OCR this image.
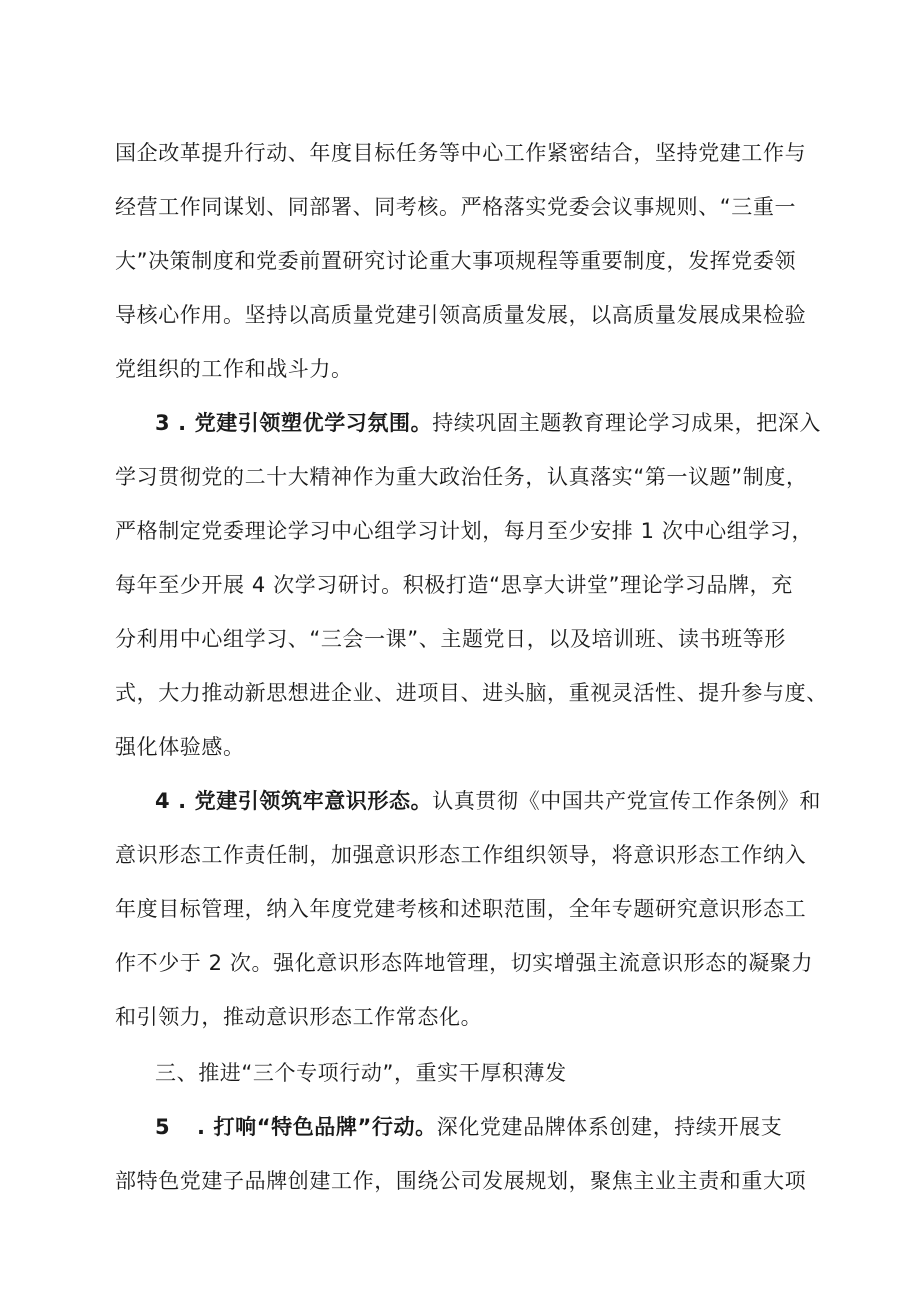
国企改革提升行动、年度目标任务等中心工作紧密结合，坚持党建工作与
经营工作同谋划、同部署、同考核。严格落实党委会议事规则、“三重一
大”决策制度和党委前置研究讨论重大事项规程等重要制度，发挥党委领
导核心作用。坚持以高质量党建引领高质量发展，以高质量发展成果检验
党组织的工作和战斗力。
3 . 党建引领塑优学习氛围。持续巩固主题教育理论学习成果，把深入
学习贯彻党的二十大精神作为重大政治任务，认真落实“第一议题”制度，
严格制定党委理论学习中心组学习计划，每月至少安排 1 次中心组学习，
每年至少开展 4 次学习研讨。积极打造“思享大讲堂”理论学习品牌，充
分利用中心组学习、“三会一课”、主题党日，以及培训班、读书班等形
式，大力推动新思想进企业、进项目、进头脑，重视灵活性、提升参与度、
强化体验感。
4 . 党建引领筑牢意识形态。认真贯彻《中国共产党宣传工作条例》和
意识形态工作责任制，加强意识形态工作组织领导，将意识形态工作纳入
年度目标管理，纳入年度党建考核和述职范围，全年专题研究意识形态工
作不少于 2 次。强化意识形态阵地管理，切实增强主流意识形态的凝聚力
和引领力，推动意识形态工作常态化。
三、推进“三个专项行动”，重实干厚积薄发
5 . 打响“特色品牌”行动。深化党建品牌体系创建，持续开展支
部特色党建子品牌创建工作，围绕公司发展规划，聚焦主业主责和重大项
